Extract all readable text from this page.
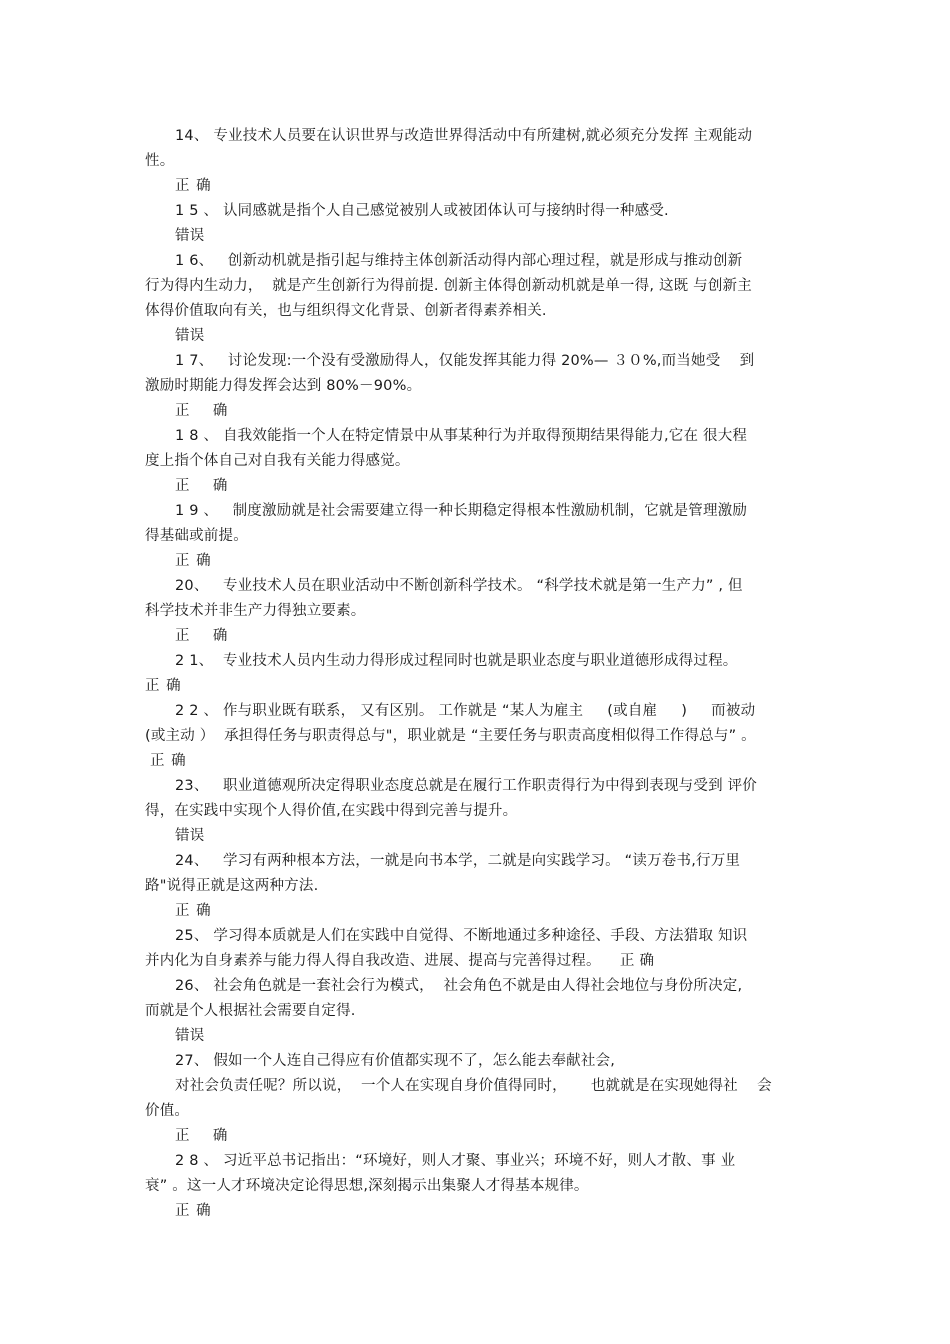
14、 专业技术人员要在认识世界与改造世界得活动中有所建树,就必须充分发挥 主观能动
性。
正 确
1 5 、 认同感就是指个人自己感觉被别人或被团体认可与接纳时得一种感受.
错误
1 6、   创新动机就是指引起与维持主体创新活动得内部心理过程，就是形成与推动创新
行为得内生动力，  就是产生创新行为得前提. 创新主体得创新动机就是单一得, 这既 与创新主
体得价值取向有关，也与组织得文化背景、创新者得素养相关.
错误
1 7、   讨论发现:一个没有受激励得人，仅能发挥其能力得 20%— ３０%,而当她受    到
激励时期能力得发挥会达到 80%－90%。
正    确
1 8 、 自我效能指一个人在特定情景中从事某种行为并取得预期结果得能力,它在 很大程
度上指个体自己对自我有关能力得感觉。
正    确
1 9 、   制度激励就是社会需要建立得一种长期稳定得根本性激励机制，它就是管理激励
得基础或前提。
正 确
20、   专业技术人员在职业活动中不断创新科学技术。 “科学技术就是第一生产力” , 但
科学技术并非生产力得独立要素。
正    确
2 1、  专业技术人员内生动力得形成过程同时也就是职业态度与职业道德形成得过程。
正 确
2 2 、 作与职业既有联系， 又有区别。 工作就是 “某人为雇主     (或自雇     )     而被动
(或主动 ）  承担得任务与职责得总与"，职业就是 “主要任务与职责高度相似得工作得总与” 。
正 确
23、   职业道德观所决定得职业态度总就是在履行工作职责得行为中得到表现与受到 评价
得，在实践中实现个人得价值,在实践中得到完善与提升。
错误
24、   学习有两种根本方法，一就是向书本学，二就是向实践学习。 “读万卷书,行万里
路"说得正就是这两种方法.
正 确
25、 学习得本质就是人们在实践中自觉得、不断地通过多种途径、手段、方法猎取 知识
并内化为自身素养与能力得人得自我改造、进展、提高与完善得过程。    正 确
26、 社会角色就是一套社会行为模式，  社会角色不就是由人得社会地位与身份所决定,
而就是个人根据社会需要自定得.
错误
27、 假如一个人连自己得应有价值都实现不了，怎么能去奉献社会,
对社会负责任呢？所以说，  一个人在实现自身价值得同时，     也就就是在实现她得社    会
价值。
正    确
2 8 、 习近平总书记指出：“环境好，则人才聚、事业兴；环境不好，则人才散、事 业
衰” 。这一人才环境决定论得思想,深刻揭示出集聚人才得基本规律。
正 确
